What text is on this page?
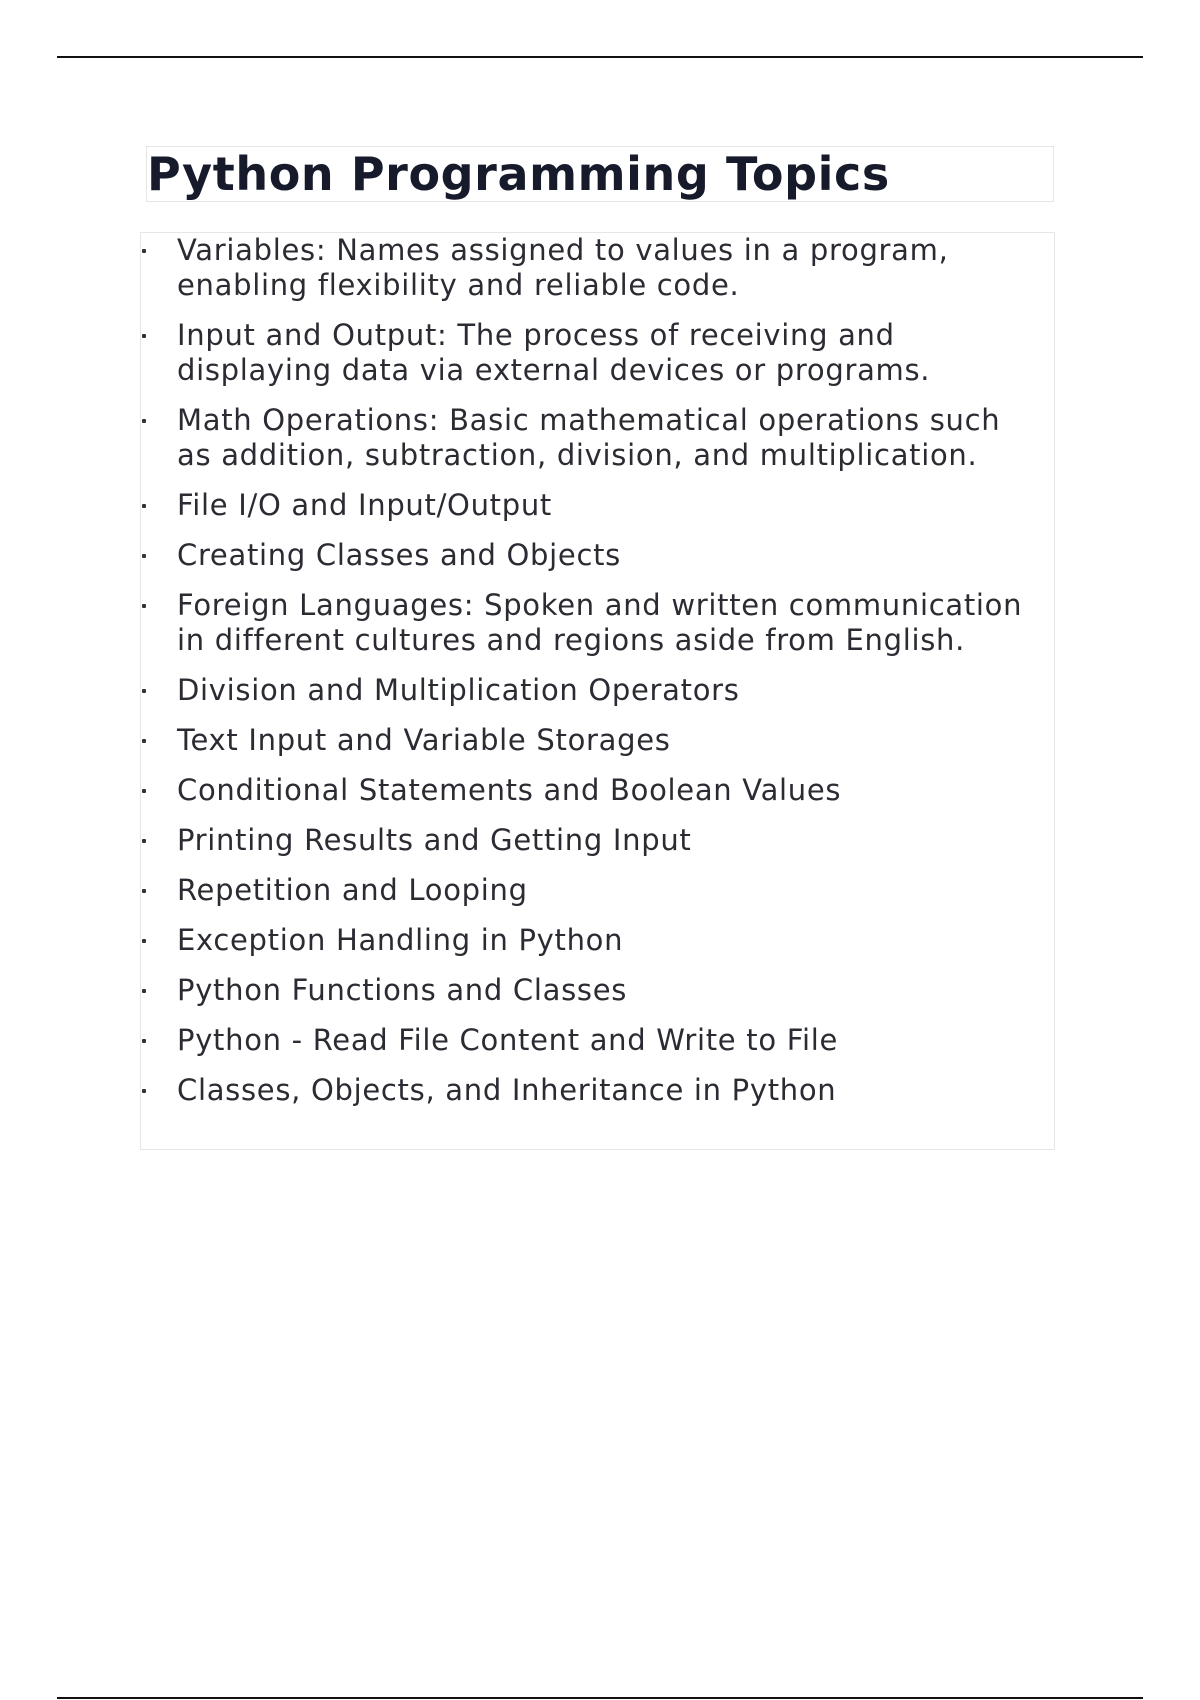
Python Programming Topics
Variables: Names assigned to values in a program, enabling flexibility and reliable code.
Input and Output: The process of receiving and displaying data via external devices or programs.
Math Operations: Basic mathematical operations such as addition, subtraction, division, and multiplication.
File I/O and Input/Output
Creating Classes and Objects
Foreign Languages: Spoken and written communication in different cultures and regions aside from English.
Division and Multiplication Operators
Text Input and Variable Storages
Conditional Statements and Boolean Values
Printing Results and Getting Input
Repetition and Looping
Exception Handling in Python
Python Functions and Classes
Python - Read File Content and Write to File
Classes, Objects, and Inheritance in Python
